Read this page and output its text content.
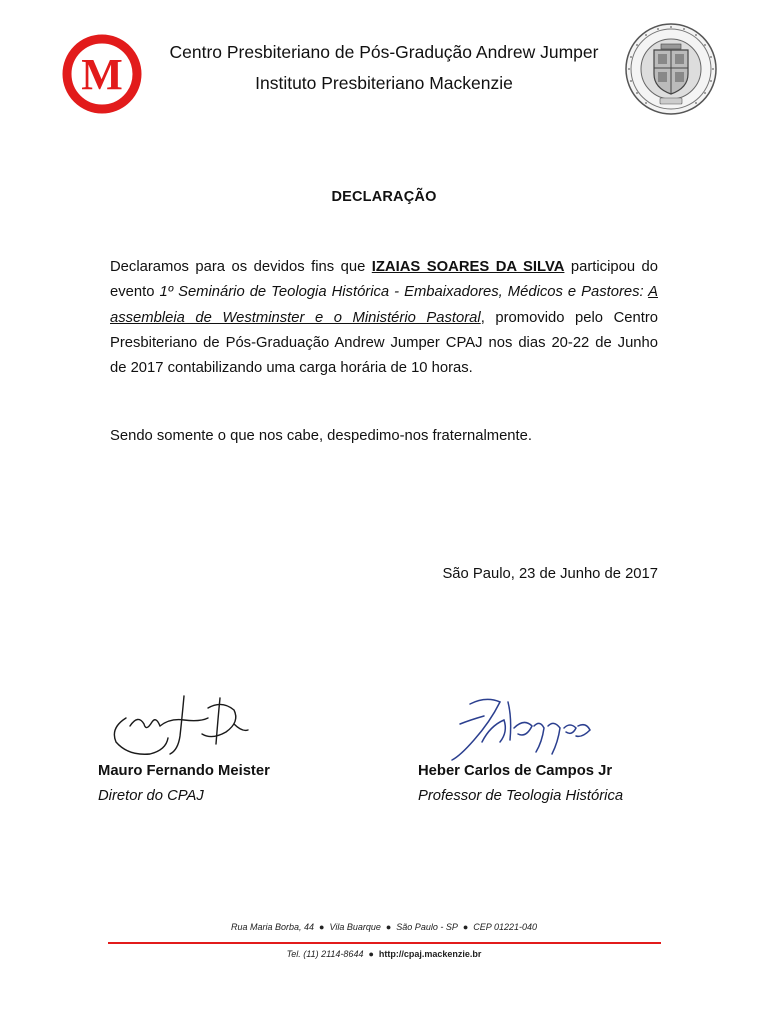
M	Centro Presbiteriano de Pós-Gradução Andrew Jumper
Instituto Presbiteriano Mackenzie
DECLARAÇÃO
Declaramos para os devidos fins que IZAIAS SOARES DA SILVA participou do evento 1º Seminário de Teologia Histórica - Embaixadores, Médicos e Pastores: A assembleia de Westminster e o Ministério Pastoral, promovido pelo Centro Presbiteriano de Pós-Graduação Andrew Jumper CPAJ nos dias 20-22 de Junho de 2017 contabilizando uma carga horária de 10 horas.
Sendo somente o que nos cabe, despedimo-nos fraternalmente.
São Paulo, 23 de Junho de 2017
Mauro Fernando Meister
Diretor do CPAJ
Heber Carlos de Campos Jr
Professor de Teologia Histórica
Rua Maria Borba, 44 ● Vila Buarque ● São Paulo - SP ● CEP 01221-040
Tel. (11) 2114-8644 ● http://cpaj.mackenzie.br
